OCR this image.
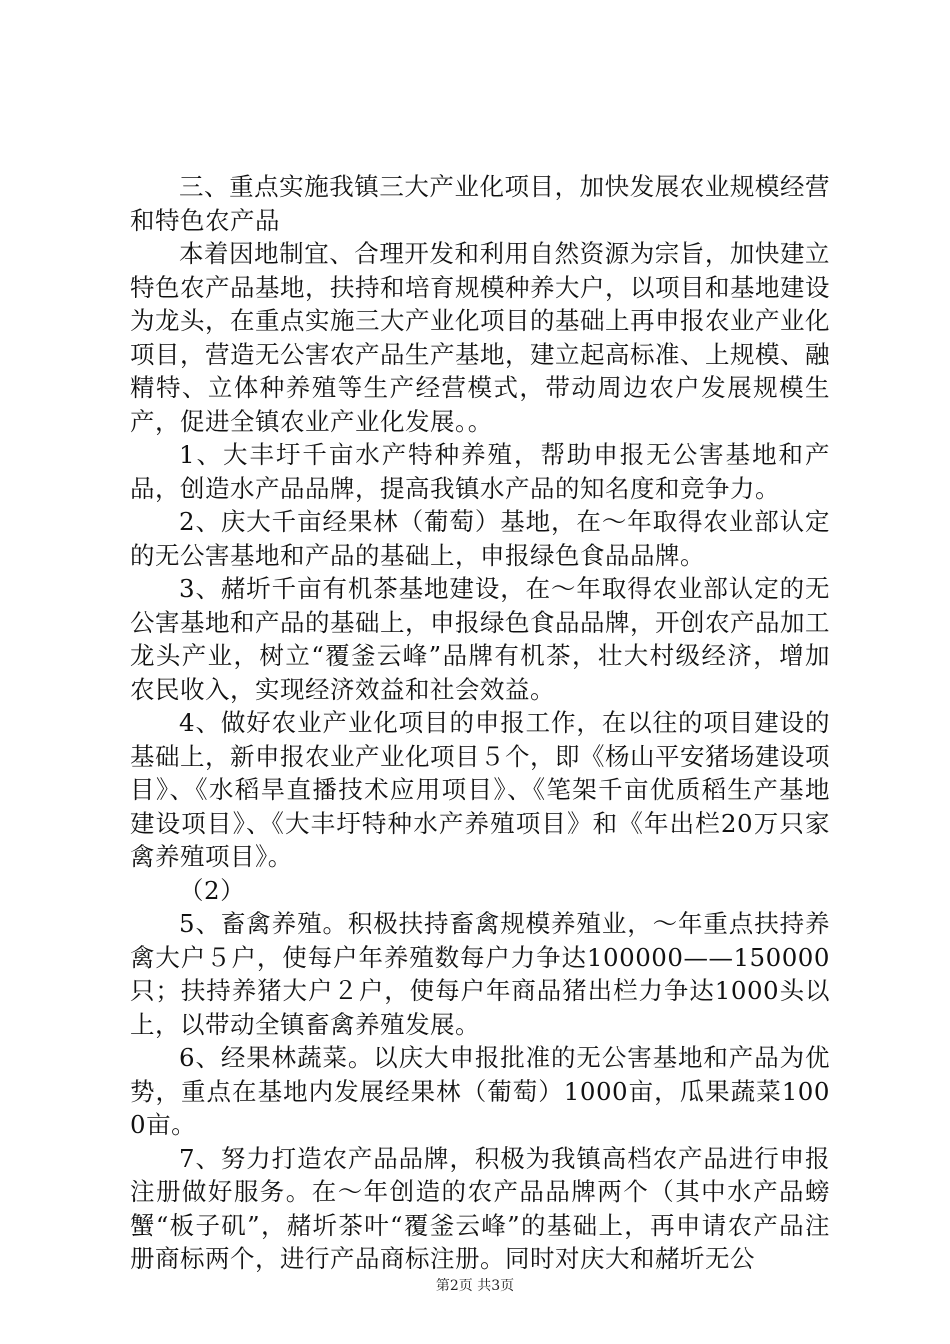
三、重点实施我镇三大产业化项目，加快发展农业规模经营和特色农产品

本着因地制宜、合理开发和利用自然资源为宗旨，加快建立特色农产品基地，扶持和培育规模种养大户，以项目和基地建设为龙头，在重点实施三大产业化项目的基础上再申报农业产业化项目，营造无公害农产品生产基地，建立起高标准、上规模、融精特、立体种养殖等生产经营模式，带动周边农户发展规模生产，促进全镇农业产业化发展。。

1、大丰圩千亩水产特种养殖，帮助申报无公害基地和产品，创造水产品品牌，提高我镇水产品的知名度和竞争力。

2、庆大千亩经果林（葡萄）基地，在～年取得农业部认定的无公害基地和产品的基础上，申报绿色食品品牌。

3、赭圻千亩有机茶基地建设，在～年取得农业部认定的无公害基地和产品的基础上，申报绿色食品品牌，开创农产品加工龙头产业，树立“覆釜云峰”品牌有机茶，壮大村级经济，增加农民收入，实现经济效益和社会效益。

4、做好农业产业化项目的申报工作，在以往的项目建设的基础上，新申报农业产业化项目５个，即《杨山平安猪场建设项目》、《水稻旱直播技术应用项目》、《笔架千亩优质稻生产基地建设项目》、《大丰圩特种水产养殖项目》和《年出栏20万只家禽养殖项目》。

（2）

5、畜禽养殖。积极扶持畜禽规模养殖业，～年重点扶持养禽大户５户，使每户年养殖数每户力争达100000——150000只；扶持养猪大户２户，使每户年商品猪出栏力争达1000头以上，以带动全镇畜禽养殖发展。

6、经果林蔬菜。以庆大申报批准的无公害基地和产品为优势，重点在基地内发展经果林（葡萄）1000亩，瓜果蔬菜1000亩。

7、努力打造农产品品牌，积极为我镇高档农产品进行申报注册做好服务。在～年创造的农产品品牌两个（其中水产品螃蟹“板子矶”，赭圻茶叶“覆釜云峰”的基础上，再申请农产品注册商标两个，进行产品商标注册。同时对庆大和赭圻无公

第2页 共3页
